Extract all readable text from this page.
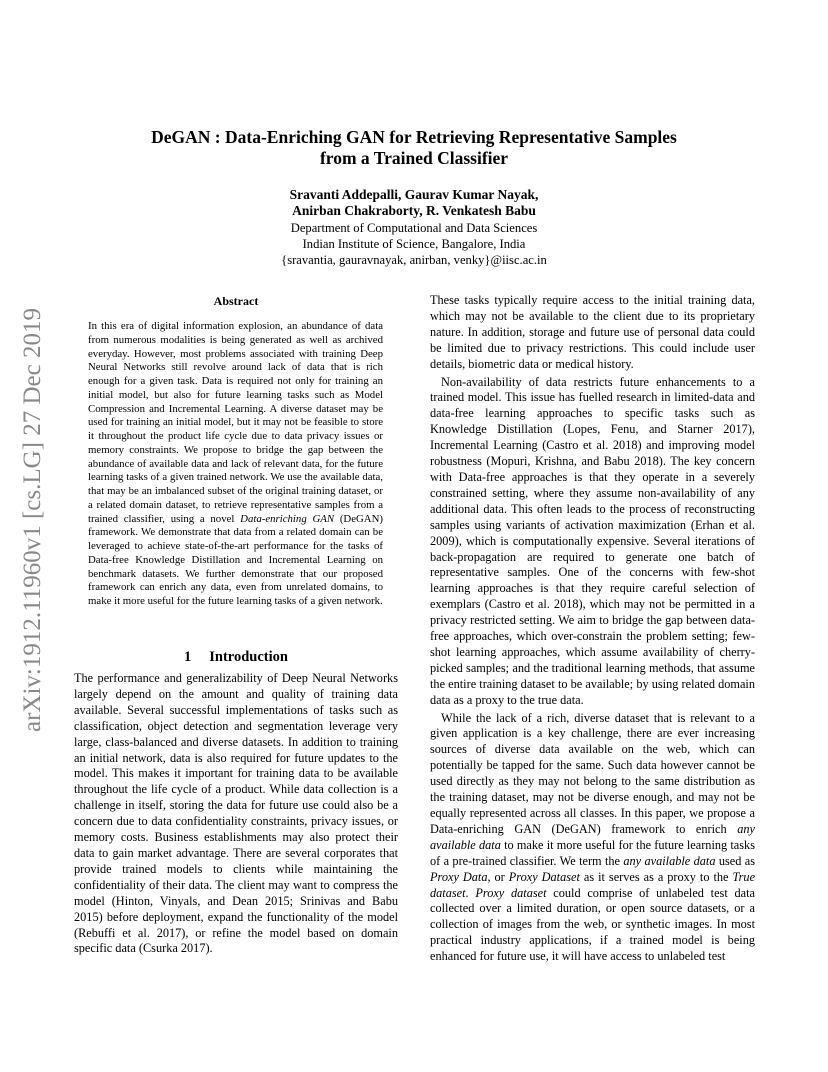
arXiv:1912.11960v1 [cs.LG] 27 Dec 2019
DeGAN : Data-Enriching GAN for Retrieving Representative Samples
from a Trained Classifier
Sravanti Addepalli, Gaurav Kumar Nayak,
Anirban Chakraborty, R. Venkatesh Babu
Department of Computational and Data Sciences
Indian Institute of Science, Bangalore, India
{sravantia, gauravnayak, anirban, venky}@iisc.ac.in
Abstract

In this era of digital information explosion, an abundance of data from numerous modalities is being generated as well as archived everyday. However, most problems associated with training Deep Neural Networks still revolve around lack of data that is rich enough for a given task. Data is required not only for training an initial model, but also for future learning tasks such as Model Compression and Incremental Learning. A diverse dataset may be used for training an initial model, but it may not be feasible to store it throughout the product life cycle due to data privacy issues or memory constraints. We propose to bridge the gap between the abundance of available data and lack of relevant data, for the future learning tasks of a given trained network. We use the available data, that may be an imbalanced subset of the original training dataset, or a related domain dataset, to retrieve representative samples from a trained classifier, using a novel Data-enriching GAN (DeGAN) framework. We demonstrate that data from a related domain can be leveraged to achieve state-of-the-art performance for the tasks of Data-free Knowledge Distillation and Incremental Learning on benchmark datasets. We further demonstrate that our proposed framework can enrich any data, even from unrelated domains, to make it more useful for the future learning tasks of a given network.

1 Introduction

The performance and generalizability of Deep Neural Networks largely depend on the amount and quality of training data available. Several successful implementations of tasks such as classification, object detection and segmentation leverage very large, class-balanced and diverse datasets. In addition to training an initial network, data is also required for future updates to the model. This makes it important for training data to be available throughout the life cycle of a product. While data collection is a challenge in itself, storing the data for future use could also be a concern due to data confidentiality constraints, privacy issues, or memory costs. Business establishments may also protect their data to gain market advantage. There are several corporates that provide trained models to clients while maintaining the confidentiality of their data. The client may want to compress the model (Hinton, Vinyals, and Dean 2015; Srinivas and Babu 2015) before deployment, expand the functionality of the model (Rebuffi et al. 2017), or refine the model based on domain specific data (Csurka 2017).

These tasks typically require access to the initial training data, which may not be available to the client due to its proprietary nature. In addition, storage and future use of personal data could be limited due to privacy restrictions. This could include user details, biometric data or medical history.

Non-availability of data restricts future enhancements to a trained model. This issue has fuelled research in limited-data and data-free learning approaches to specific tasks such as Knowledge Distillation (Lopes, Fenu, and Starner 2017), Incremental Learning (Castro et al. 2018) and improving model robustness (Mopuri, Krishna, and Babu 2018). The key concern with Data-free approaches is that they operate in a severely constrained setting, where they assume non-availability of any additional data. This often leads to the process of reconstructing samples using variants of activation maximization (Erhan et al. 2009), which is computationally expensive. Several iterations of back-propagation are required to generate one batch of representative samples. One of the concerns with few-shot learning approaches is that they require careful selection of exemplars (Castro et al. 2018), which may not be permitted in a privacy restricted setting. We aim to bridge the gap between data-free approaches, which over-constrain the problem setting; few-shot learning approaches, which assume availability of cherry-picked samples; and the traditional learning methods, that assume the entire training dataset to be available; by using related domain data as a proxy to the true data.

While the lack of a rich, diverse dataset that is relevant to a given application is a key challenge, there are ever increasing sources of diverse data available on the web, which can potentially be tapped for the same. Such data however cannot be used directly as they may not belong to the same distribution as the training dataset, may not be diverse enough, and may not be equally represented across all classes. In this paper, we propose a Data-enriching GAN (DeGAN) framework to enrich any available data to make it more useful for the future learning tasks of a pre-trained classifier. We term the any available data used as Proxy Data, or Proxy Dataset as it serves as a proxy to the True dataset. Proxy dataset could comprise of unlabeled test data collected over a limited duration, or open source datasets, or a collection of images from the web, or synthetic images. In most practical industry applications, if a trained model is being enhanced for future use, it will have access to unlabeled test
